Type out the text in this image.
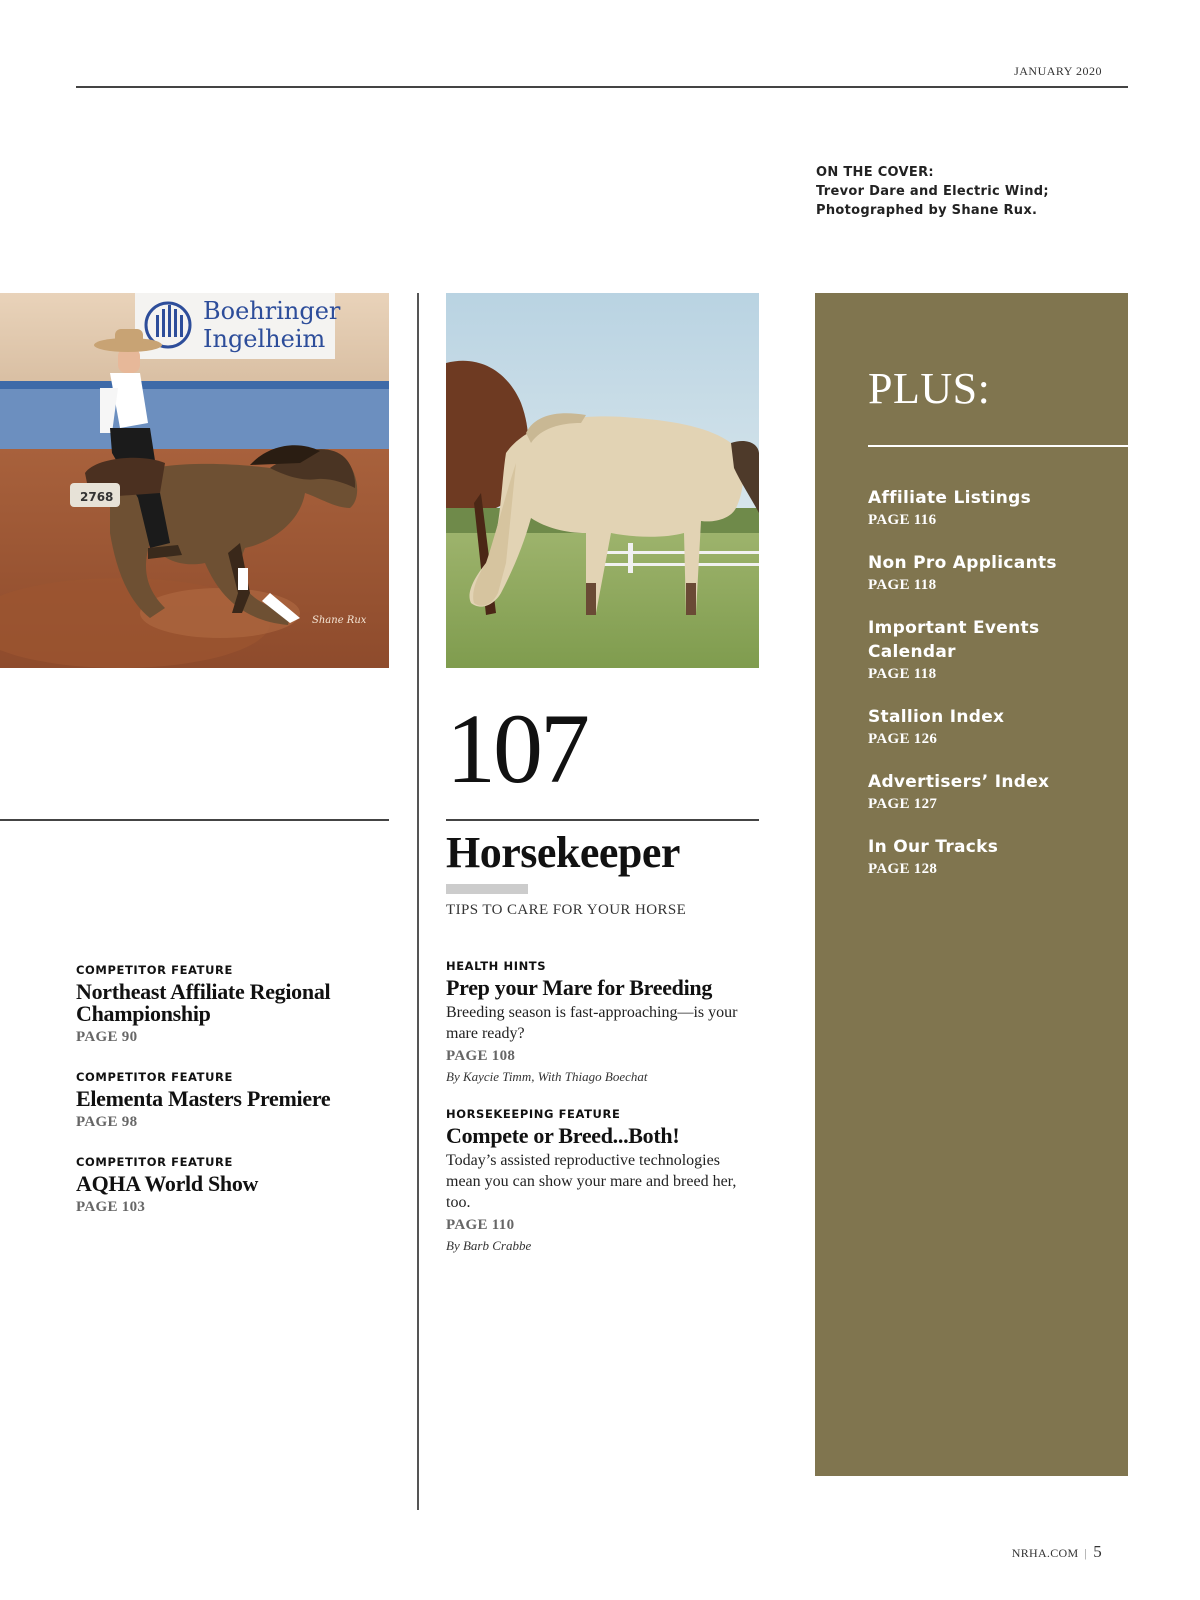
JANUARY 2020
ON THE COVER:
Trevor Dare and Electric Wind;
Photographed by Shane Rux.
Boehringer
Ingelheim
2768
Shane Rux
107
Horsekeeper
TIPS TO CARE FOR YOUR HORSE
COMPETITOR FEATURE
Northeast Affiliate Regional Championship
PAGE 90
COMPETITOR FEATURE
Elementa Masters Premiere
PAGE 98
COMPETITOR FEATURE
AQHA World Show
PAGE 103
HEALTH HINTS
Prep your Mare for Breeding
Breeding season is fast-approaching—is your mare ready?
PAGE 108
By Kaycie Timm, With Thiago Boechat
HORSEKEEPING FEATURE
Compete or Breed...Both!
Today’s assisted reproductive technologies mean you can show your mare and breed her, too.
PAGE 110
By Barb Crabbe
PLUS:
Affiliate Listings
PAGE 116
Non Pro Applicants
PAGE 118
Important Events Calendar
PAGE 118
Stallion Index
PAGE 126
Advertisers’ Index
PAGE 127
In Our Tracks
PAGE 128
NRHA.COM | 5
